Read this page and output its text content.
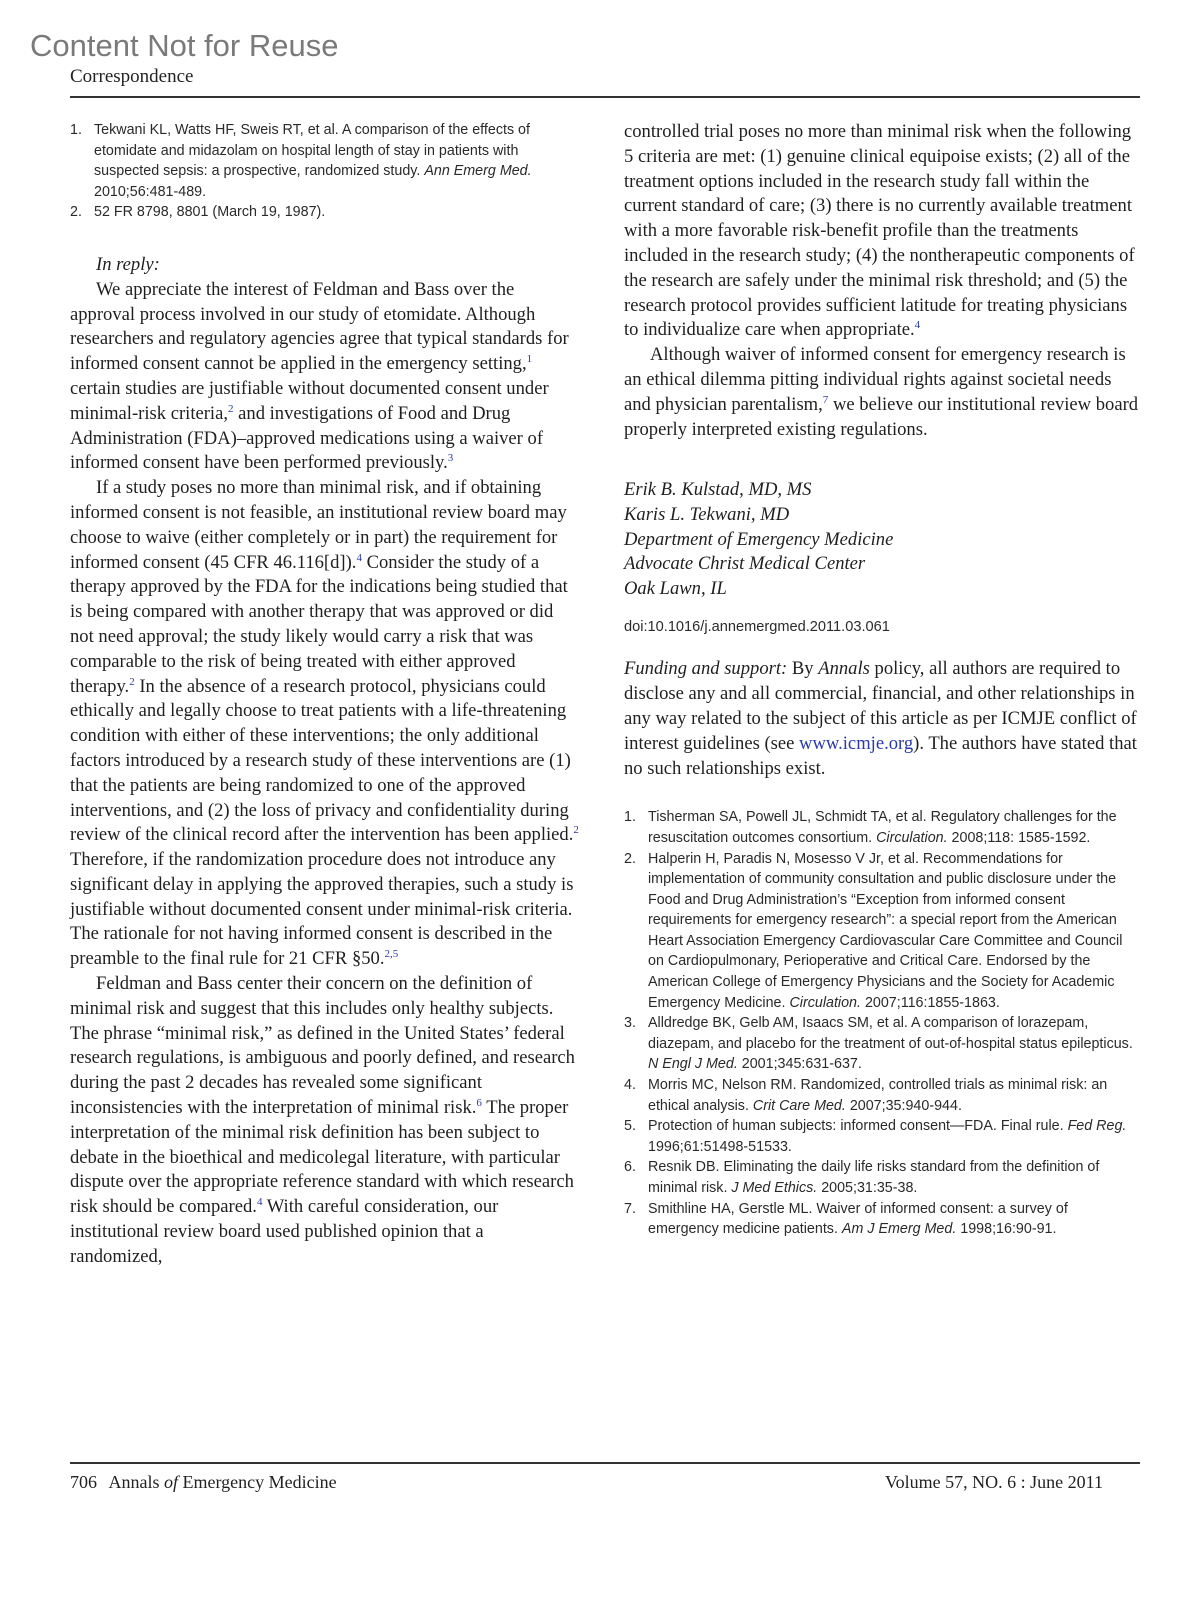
Content Not for Reuse
Correspondence
1. Tekwani KL, Watts HF, Sweis RT, et al. A comparison of the effects of etomidate and midazolam on hospital length of stay in patients with suspected sepsis: a prospective, randomized study. Ann Emerg Med. 2010;56:481-489.
2. 52 FR 8798, 8801 (March 19, 1987).
In reply:

We appreciate the interest of Feldman and Bass over the approval process involved in our study of etomidate. Although researchers and regulatory agencies agree that typical standards for informed consent cannot be applied in the emergency setting,$^1$ certain studies are justifiable without documented consent under minimal-risk criteria,$^2$ and investigations of Food and Drug Administration (FDA)–approved medications using a waiver of informed consent have been performed previously.$^3$

If a study poses no more than minimal risk, and if obtaining informed consent is not feasible, an institutional review board may choose to waive (either completely or in part) the requirement for informed consent (45 CFR 46.116[d]).$^4$ Consider the study of a therapy approved by the FDA for the indications being studied that is being compared with another therapy that was approved or did not need approval; the study likely would carry a risk that was comparable to the risk of being treated with either approved therapy.$^2$ In the absence of a research protocol, physicians could ethically and legally choose to treat patients with a life-threatening condition with either of these interventions; the only additional factors introduced by a research study of these interventions are (1) that the patients are being randomized to one of the approved interventions, and (2) the loss of privacy and confidentiality during review of the clinical record after the intervention has been applied.$^2$ Therefore, if the randomization procedure does not introduce any significant delay in applying the approved therapies, such a study is justifiable without documented consent under minimal-risk criteria. The rationale for not having informed consent is described in the preamble to the final rule for 21 CFR §50.$^{2,5}$

Feldman and Bass center their concern on the definition of minimal risk and suggest that this includes only healthy subjects. The phrase “minimal risk,” as defined in the United States’ federal research regulations, is ambiguous and poorly defined, and research during the past 2 decades has revealed some significant inconsistencies with the interpretation of minimal risk.$^6$ The proper interpretation of the minimal risk definition has been subject to debate in the bioethical and medicolegal literature, with particular dispute over the appropriate reference standard with which research risk should be compared.$^4$ With careful consideration, our institutional review board used published opinion that a randomized,

controlled trial poses no more than minimal risk when the following 5 criteria are met: (1) genuine clinical equipoise exists; (2) all of the treatment options included in the research study fall within the current standard of care; (3) there is no currently available treatment with a more favorable risk-benefit profile than the treatments included in the research study; (4) the nontherapeutic components of the research are safely under the minimal risk threshold; and (5) the research protocol provides sufficient latitude for treating physicians to individualize care when appropriate.$^4$

Although waiver of informed consent for emergency research is an ethical dilemma pitting individual rights against societal needs and physician parentalism,$^7$ we believe our institutional review board properly interpreted existing regulations.

Erik B. Kulstad, MD, MS
Karis L. Tekwani, MD
Department of Emergency Medicine
Advocate Christ Medical Center
Oak Lawn, IL
doi:10.1016/j.annemergmed.2011.03.061

Funding and support: By Annals policy, all authors are required to disclose any and all commercial, financial, and other relationships in any way related to the subject of this article as per ICMJE conflict of interest guidelines (see www.icmje.org). The authors have stated that no such relationships exist.

1. Tisherman SA, Powell JL, Schmidt TA, et al. Regulatory challenges for the resuscitation outcomes consortium. Circulation. 2008;118: 1585-1592.
2. Halperin H, Paradis N, Mosesso V Jr, et al. Recommendations for implementation of community consultation and public disclosure under the Food and Drug Administration’s “Exception from informed consent requirements for emergency research”: a special report from the American Heart Association Emergency Cardiovascular Care Committee and Council on Cardiopulmonary, Perioperative and Critical Care. Endorsed by the American College of Emergency Physicians and the Society for Academic Emergency Medicine. Circulation. 2007;116:1855-1863.
3. Alldredge BK, Gelb AM, Isaacs SM, et al. A comparison of lorazepam, diazepam, and placebo for the treatment of out-of-hospital status epilepticus. N Engl J Med. 2001;345:631-637.
4. Morris MC, Nelson RM. Randomized, controlled trials as minimal risk: an ethical analysis. Crit Care Med. 2007;35:940-944.
5. Protection of human subjects: informed consent—FDA. Final rule. Fed Reg. 1996;61:51498-51533.
6. Resnik DB. Eliminating the daily life risks standard from the definition of minimal risk. J Med Ethics. 2005;31:35-38.
7. Smithline HA, Gerstle ML. Waiver of informed consent: a survey of emergency medicine patients. Am J Emerg Med. 1998;16:90-91.
706 Annals of Emergency Medicine	Volume 57, NO. 6 : June 2011
